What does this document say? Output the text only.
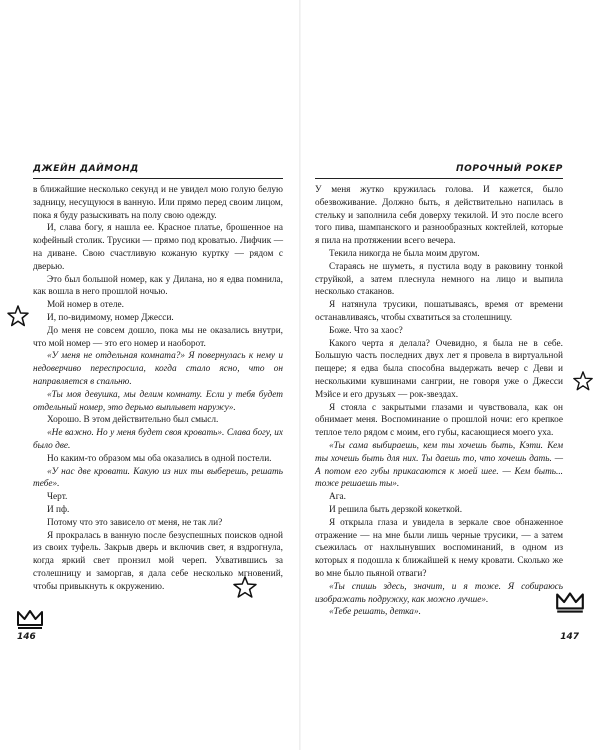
ДЖЕЙН ДАЙМОНД

в ближайшие несколько секунд и не увидел мою голую белую задницу, несущуюся в ванную. Или прямо перед своим лицом, пока я буду разыскивать на полу свою одежду.

И, слава богу, я нашла ее. Красное платье, брошенное на кофейный столик. Трусики — прямо под кроватью. Лифчик — на диване. Свою счастливую кожаную куртку — рядом с дверью.

Это был большой номер, как у Дилана, но я едва помнила, как вошла в него прошлой ночью.

Мой номер в отеле.

И, по-видимому, номер Джесси.

До меня не совсем дошло, пока мы не оказались внутри, что мой номер — это его номер и наоборот.

«У меня не отдельная комната?» Я повернулась к нему и недоверчиво переспросила, когда стало ясно, что он направляется в спальню.

«Ты моя девушка, мы делим комнату. Если у тебя будет отдельный номер, это дерьмо выплывет наружу».

Хорошо. В этом действительно был смысл.

«Не важно. Но у меня будет своя кровать». Слава богу, их было две.

Но каким-то образом мы оба оказались в одной постели.

«У нас две кровати. Какую из них ты выберешь, решать тебе».

Черт.

И пф.

Потому что это зависело от меня, не так ли?

Я прокралась в ванную после безуспешных поисков одной из своих туфель. Закрыв дверь и включив свет, я вздрогнула, когда яркий свет пронзил мой череп. Ухватившись за столешницу и заморгав, я дала себе несколько мгновений, чтобы привыкнуть к окружению.

146
ПОРОЧНЫЙ РОКЕР

У меня жутко кружилась голова. И кажется, было обезвоживание. Должно быть, я действительно напилась в стельку и заполнила себя доверху текилой. И это после всего того пива, шампанского и разнообразных коктейлей, которые я пила на протяжении всего вечера.

Текила никогда не была моим другом.

Стараясь не шуметь, я пустила воду в раковину тонкой струйкой, а затем плеснула немного на лицо и выпила несколько стаканов.

Я натянула трусики, пошатываясь, время от времени останавливаясь, чтобы схватиться за столешницу.

Боже. Что за хаос?

Какого черта я делала? Очевидно, я была не в себе. Большую часть последних двух лет я провела в виртуальной пещере; я едва была способна выдержать вечер с Деви и несколькими кувшинами сангрии, не говоря уже о Джесси Мэйсе и его друзьях — рок-звездах.

Я стояла с закрытыми глазами и чувствовала, как он обнимает меня. Воспоминание о прошлой ночи: его крепкое теплое тело рядом с моим, его губы, касающиеся моего уха.

«Ты сама выбираешь, кем ты хочешь быть, Кэти. Кем ты хочешь быть для них. Ты даешь то, что хочешь дать. — А потом его губы прикасаются к моей шее. — Кем быть... тоже решаешь ты».

Ага.

И решила быть дерзкой кокеткой.

Я открыла глаза и увидела в зеркале свое обнаженное отражение — на мне были лишь черные трусики, — а затем съежилась от нахлынувших воспоминаний, в одном из которых я подошла к ближайшей к нему кровати. Сколько же во мне было пьяной отваги?

«Ты спишь здесь, значит, и я тоже. Я собираюсь изображать подружку, как можно лучше».

«Тебе решать, детка».

147
